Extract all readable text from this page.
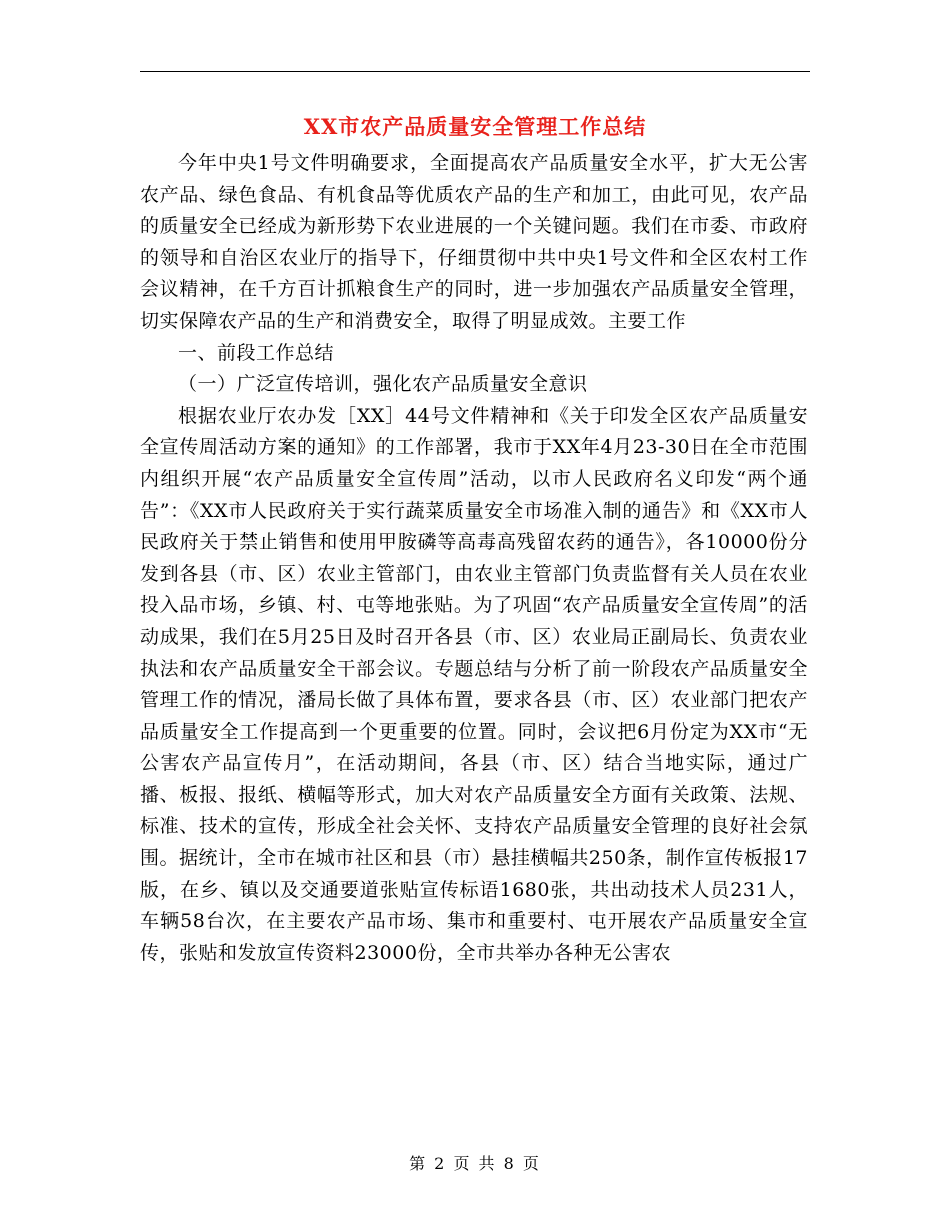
XX市农产品质量安全管理工作总结

今年中央1号文件明确要求，全面提高农产品质量安全水平，扩大无公害农产品、绿色食品、有机食品等优质农产品的生产和加工，由此可见，农产品的质量安全已经成为新形势下农业进展的一个关键问题。我们在市委、市政府的领导和自治区农业厅的指导下，仔细贯彻中共中央1号文件和全区农村工作会议精神，在千方百计抓粮食生产的同时，进一步加强农产品质量安全管理，切实保障农产品的生产和消费安全，取得了明显成效。主要工作

一、前段工作总结

（一）广泛宣传培训，强化农产品质量安全意识

根据农业厅农办发［XX］44号文件精神和《关于印发全区农产品质量安全宣传周活动方案的通知》的工作部署，我市于XX年4月23-30日在全市范围内组织开展“农产品质量安全宣传周”活动，以市人民政府名义印发“两个通告”：《XX市人民政府关于实行蔬菜质量安全市场准入制的通告》和《XX市人民政府关于禁止销售和使用甲胺磷等高毒高残留农药的通告》，各10000份分发到各县（市、区）农业主管部门，由农业主管部门负责监督有关人员在农业投入品市场，乡镇、村、屯等地张贴。为了巩固“农产品质量安全宣传周”的活动成果，我们在5月25日及时召开各县（市、区）农业局正副局长、负责农业执法和农产品质量安全干部会议。专题总结与分析了前一阶段农产品质量安全管理工作的情况，潘局长做了具体布置，要求各县（市、区）农业部门把农产品质量安全工作提高到一个更重要的位置。同时，会议把6月份定为XX市“无公害农产品宣传月”，在活动期间，各县（市、区）结合当地实际，通过广播、板报、报纸、横幅等形式，加大对农产品质量安全方面有关政策、法规、标准、技术的宣传，形成全社会关怀、支持农产品质量安全管理的良好社会氛围。据统计，全市在城市社区和县（市）悬挂横幅共250条，制作宣传板报17版，在乡、镇以及交通要道张贴宣传标语1680张，共出动技术人员231人，车辆58台次，在主要农产品市场、集市和重要村、屯开展农产品质量安全宣传，张贴和发放宣传资料23000份，全市共举办各种无公害农

第 2 页 共 8 页
